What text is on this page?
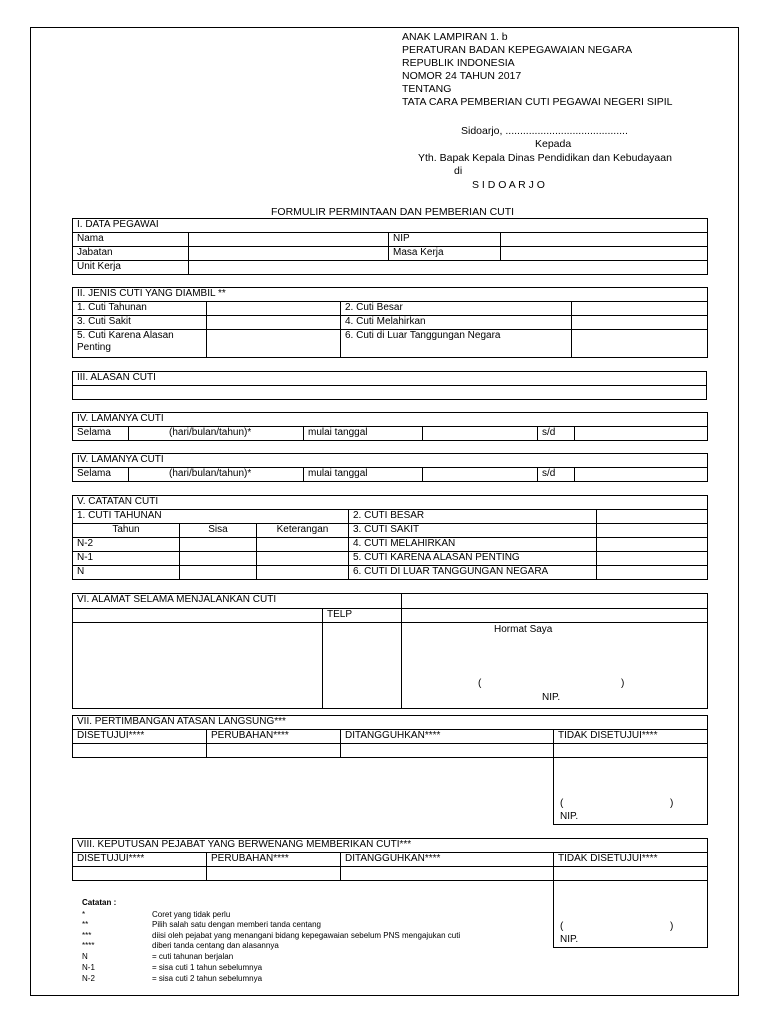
ANAK LAMPIRAN 1. b
PERATURAN BADAN KEPEGAWAIAN NEGARA
REPUBLIK INDONESIA
NOMOR 24 TAHUN 2017
TENTANG
TATA CARA PEMBERIAN CUTI PEGAWAI NEGERI SIPIL
Sidoarjo, ..........................................
Kepada
Yth. Bapak Kepala Dinas Pendidikan dan Kebudayaan
di
S I D O A R J O
FORMULIR PERMINTAAN DAN PEMBERIAN CUTI
I. DATA PEGAWAI			
Nama		NIP	
Jabatan		Masa Kerja	
Unit Kerja			
II. JENIS CUTI YANG DIAMBIL **			
1. Cuti Tahunan		2. Cuti Besar	
3. Cuti Sakit		4. Cuti Melahirkan	
5. Cuti Karena Alasan Penting		6. Cuti di Luar Tanggungan Negara	
III. ALASAN CUTI

IV. LAMANYA CUTI
Selama	(hari/bulan/tahun)*	mulai tanggal		s/d	
IV. LAMANYA CUTI
Selama	(hari/bulan/tahun)*	mulai tanggal		s/d	
V. CATATAN CUTI				
1. CUTI TAHUNAN			2. CUTI BESAR	
Tahun	Sisa	Keterangan	3. CUTI SAKIT	
N-2			4. CUTI MELAHIRKAN	
N-1			5. CUTI KARENA ALASAN PENTING	
N			6. CUTI DI LUAR TANGGUNGAN NEGARA	
VI. ALAMAT SELAMA MENJALANKAN CUTI		
	TELP	

		Hormat Saya
( )
NIP.
VII. PERTIMBANGAN ATASAN LANGSUNG***			
DISETUJUI****	PERUBAHAN****	DITANGGUHKAN****	TIDAK DISETUJUI****

			( )
NIP.
VIII. KEPUTUSAN PEJABAT YANG BERWENANG MEMBERIKAN CUTI***			
DISETUJUI****	PERUBAHAN****	DITANGGUHKAN****	TIDAK DISETUJUI****

			( )
NIP.
Catatan :
*	Coret yang tidak perlu
**	Pilih salah satu dengan memberi tanda centang
***	diisi oleh pejabat yang menangani bidang kepegawaian sebelum PNS mengajukan cuti
****	diberi tanda centang dan alasannya
N	= cuti tahunan berjalan
N-1	= sisa cuti 1 tahun sebelumnya
N-2	= sisa cuti 2 tahun sebelumnya
